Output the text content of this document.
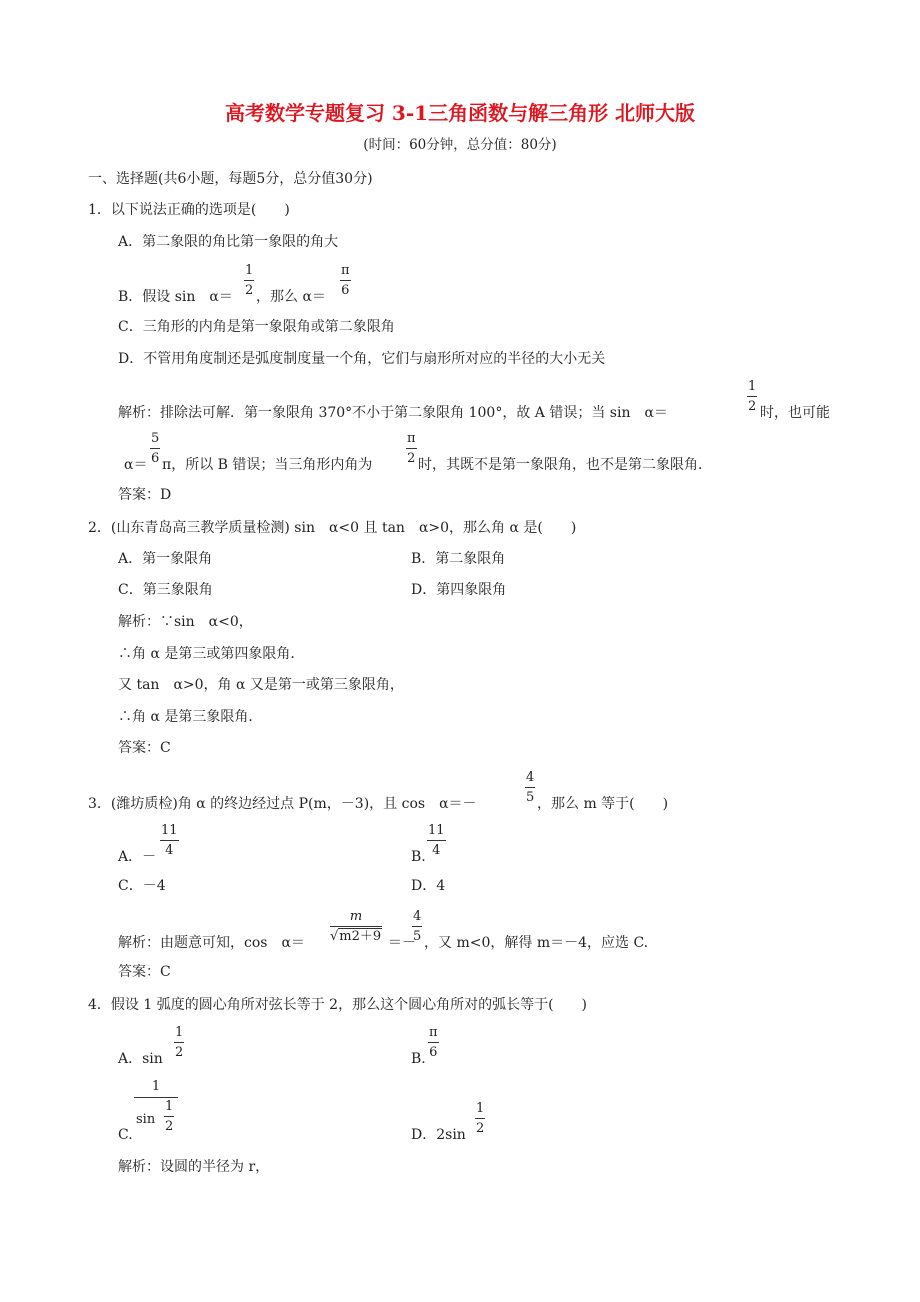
高考数学专题复习 3-1三角函数与解三角形 北师大版
(时间：60分钟，总分值：80分)
一、选择题(共6小题，每题5分，总分值30分)
1．以下说法正确的选项是(　　)
A．第二象限的角比第一象限的角大
B．假设 sin　$\alpha= \frac{1}{2}$ ，那么 $\alpha= \frac{\pi}{6}$
C．三角形的内角是第一象限角或第二象限角
D．不管用角度制还是弧度制度量一个角，它们与扇形所对应的半径的大小无关
解析：排除法可解．第一象限角 370°不小于第二象限角 100°，故 A 错误；当 sin　α＝	$\frac{1}{2}$ 时，也可能
$\alpha= \frac{5}{6}$ π，所以 B 错误；当三角形内角为	$\frac{\pi}{2}$ 时，其既不是第一象限角，也不是第二象限角．
答案：D
2．(山东青岛高三教学质量检测) sin　α<0 且 tan　α>0，那么角 α 是(　　)
A．第一象限角	B．第二象限角
C．第三象限角	D．第四象限角
解析：∵sin　α<0，
∴角 α 是第三或第四象限角．
又 tan　α>0，角 α 又是第一或第三象限角，
∴角 α 是第三象限角．
答案：C
3．(潍坊质检)角 α 的终边经过点 P(m，－3)，且 cos　α＝－	$\frac{4}{5}$ ，那么 m 等于(　　)
A．－ $\frac{11}{4}$	B. $\frac{11}{4}$
C．－4	D．4
解析：由题意可知，cos　$\alpha= \frac{m}{√m2+9}$ ＝－
$\frac{4}{5}$ ，又 m<0，解得 m＝－4，应选 C.
答案：C
4．假设 1 弧度的圆心角所对弦长等于 2，那么这个圆心角所对的弧长等于(　　)
A．$\sin \frac{1}{2}$	B. $\frac{\pi}{6}$
C. $\frac{1}{\sin \frac{1}{2}}$	D．$2\sin \frac{1}{2}$
解析：设圆的半径为 r，
